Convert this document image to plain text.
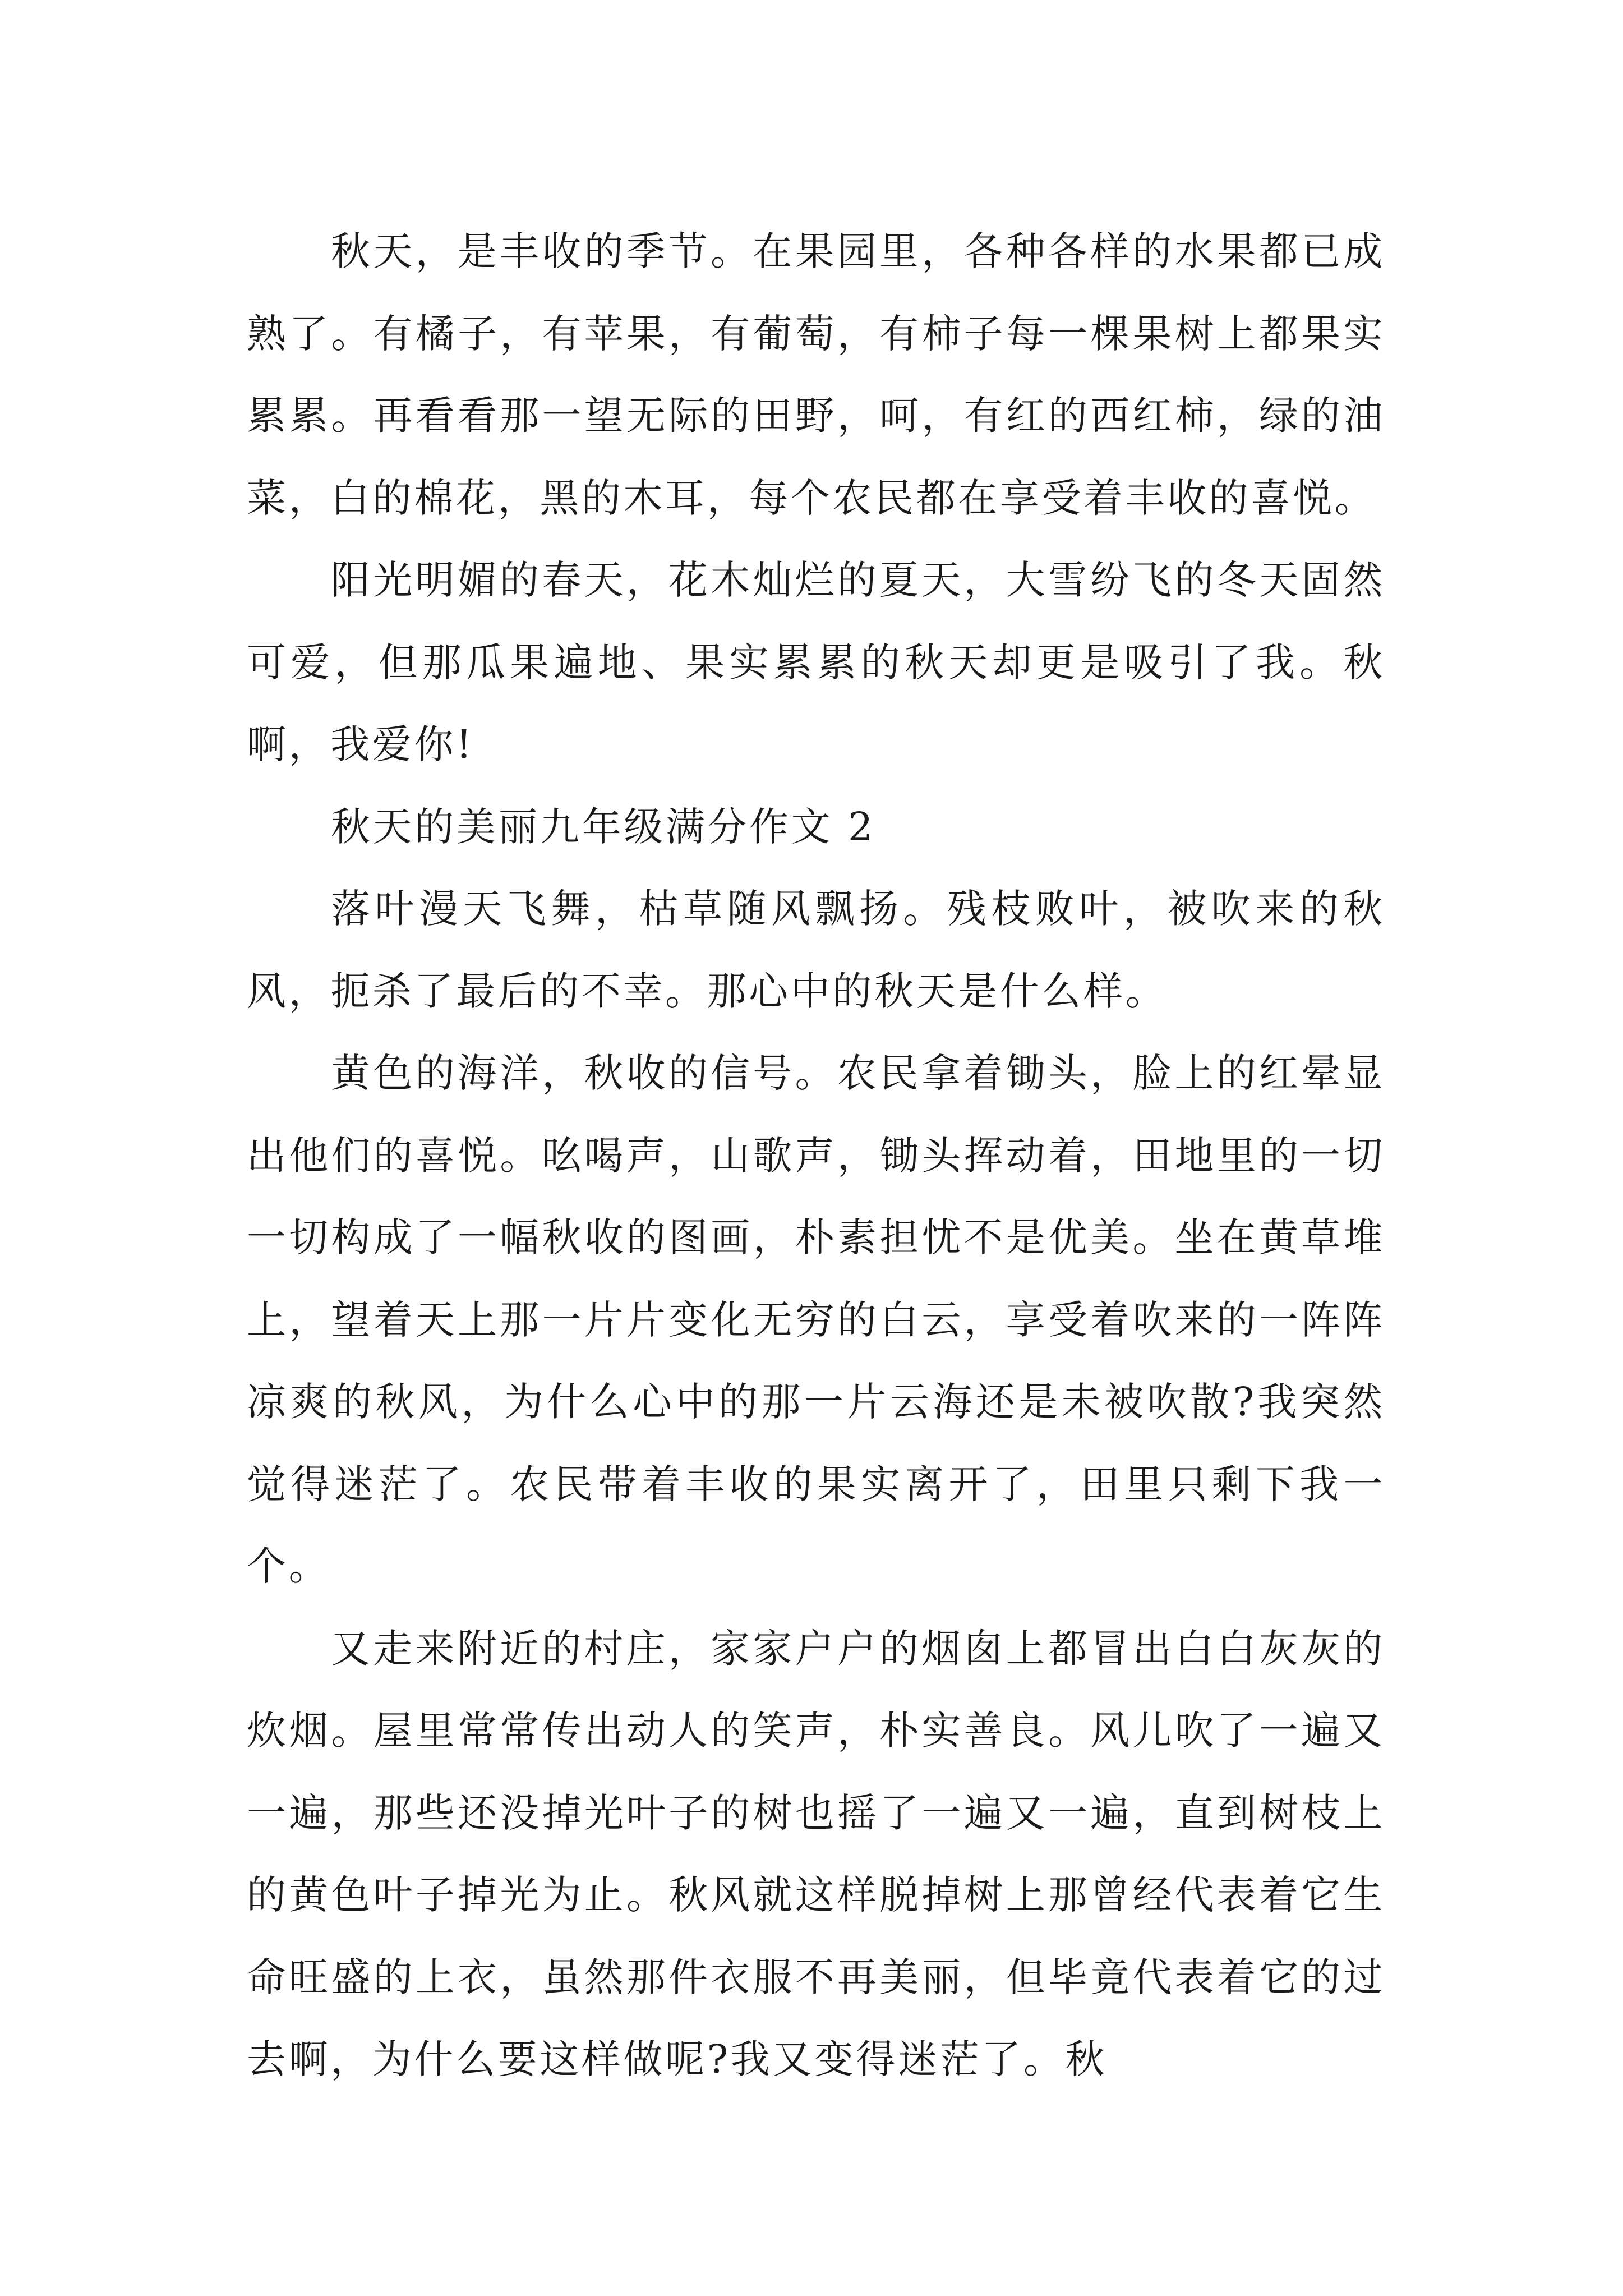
秋天，是丰收的季节。在果园里，各种各样的水果都已成熟了。有橘子，有苹果，有葡萄，有柿子每一棵果树上都果实累累。再看看那一望无际的田野，呵，有红的西红柿，绿的油菜，白的棉花，黑的木耳，每个农民都在享受着丰收的喜悦。

阳光明媚的春天，花木灿烂的夏天，大雪纷飞的冬天固然可爱，但那瓜果遍地、果实累累的秋天却更是吸引了我。秋啊，我爱你!

秋天的美丽九年级满分作文 2

落叶漫天飞舞，枯草随风飘扬。残枝败叶，被吹来的秋风，扼杀了最后的不幸。那心中的秋天是什么样。

黄色的海洋，秋收的信号。农民拿着锄头，脸上的红晕显出他们的喜悦。吆喝声，山歌声，锄头挥动着，田地里的一切一切构成了一幅秋收的图画，朴素担忧不是优美。坐在黄草堆上，望着天上那一片片变化无穷的白云，享受着吹来的一阵阵凉爽的秋风，为什么心中的那一片云海还是未被吹散?我突然觉得迷茫了。农民带着丰收的果实离开了，田里只剩下我一个。

又走来附近的村庄，家家户户的烟囱上都冒出白白灰灰的炊烟。屋里常常传出动人的笑声，朴实善良。风儿吹了一遍又一遍，那些还没掉光叶子的树也摇了一遍又一遍，直到树枝上的黄色叶子掉光为止。秋风就这样脱掉树上那曾经代表着它生命旺盛的上衣，虽然那件衣服不再美丽，但毕竟代表着它的过去啊，为什么要这样做呢?我又变得迷茫了。秋
